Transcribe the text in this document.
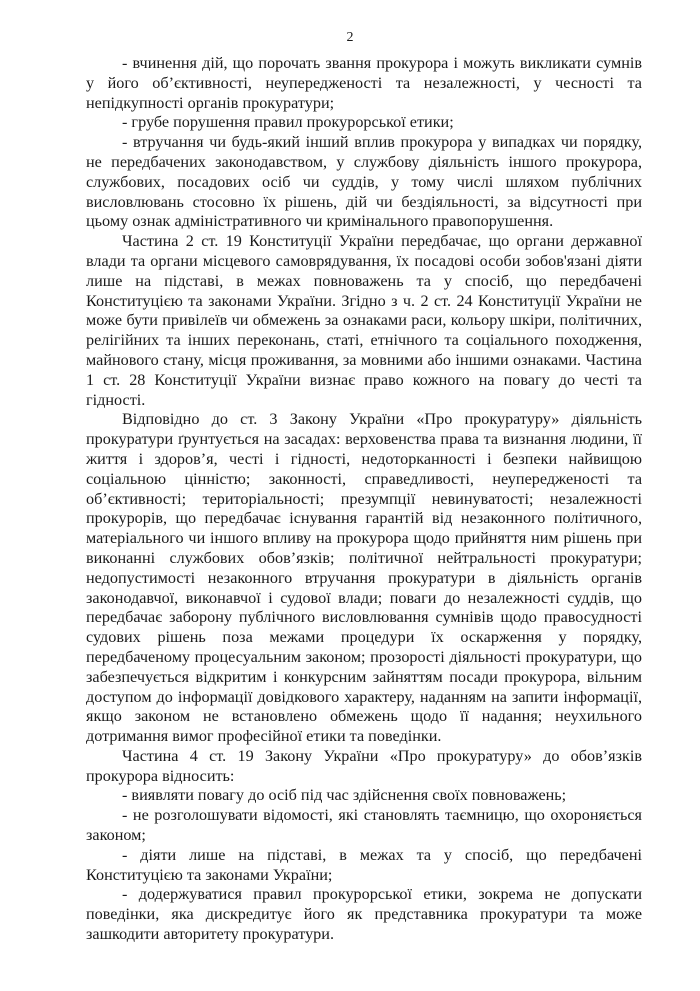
2

- вчинення дій, що порочать звання прокурора і можуть викликати сумнів у його об’єктивності, неупередженості та незалежності, у чесності та непідкупності органів прокуратури;

- грубе порушення правил прокурорської етики;

- втручання чи будь-який інший вплив прокурора у випадках чи порядку, не передбачених законодавством, у службову діяльність іншого прокурора, службових, посадових осіб чи суддів, у тому числі шляхом публічних висловлювань стосовно їх рішень, дій чи бездіяльності, за відсутності при цьому ознак адміністративного чи кримінального правопорушення.

Частина 2 ст. 19 Конституції України передбачає, що органи державної влади та органи місцевого самоврядування, їх посадові особи зобов'язані діяти лише на підставі, в межах повноважень та у спосіб, що передбачені Конституцією та законами України. Згідно з ч. 2 ст. 24 Конституції України не може бути привілеїв чи обмежень за ознаками раси, кольору шкіри, політичних, релігійних та інших переконань, статі, етнічного та соціального походження, майнового стану, місця проживання, за мовними або іншими ознаками. Частина 1 ст. 28 Конституції України визнає право кожного на повагу до честі та гідності.

Відповідно до ст. 3 Закону України «Про прокуратуру» діяльність прокуратури ґрунтується на засадах: верховенства права та визнання людини, її життя і здоров’я, честі і гідності, недоторканності і безпеки найвищою соціальною цінністю; законності, справедливості, неупередженості та об’єктивності; територіальності; презумпції невинуватості; незалежності прокурорів, що передбачає існування гарантій від незаконного політичного, матеріального чи іншого впливу на прокурора щодо прийняття ним рішень при виконанні службових обов’язків; політичної нейтральності прокуратури; недопустимості незаконного втручання прокуратури в діяльність органів законодавчої, виконавчої і судової влади; поваги до незалежності суддів, що передбачає заборону публічного висловлювання сумнівів щодо правосудності судових рішень поза межами процедури їх оскарження у порядку, передбаченому процесуальним законом; прозорості діяльності прокуратури, що забезпечується відкритим і конкурсним зайняттям посади прокурора, вільним доступом до інформації довідкового характеру, наданням на запити інформації, якщо законом не встановлено обмежень щодо її надання; неухильного дотримання вимог професійної етики та поведінки.

Частина 4 ст. 19 Закону України «Про прокуратуру» до обов’язків прокурора відносить:

- виявляти повагу до осіб під час здійснення своїх повноважень;

- не розголошувати відомості, які становлять таємницю, що охороняється законом;

- діяти лише на підставі, в межах та у спосіб, що передбачені Конституцією та законами України;

- додержуватися правил прокурорської етики, зокрема не допускати поведінки, яка дискредитує його як представника прокуратури та може зашкодити авторитету прокуратури.
